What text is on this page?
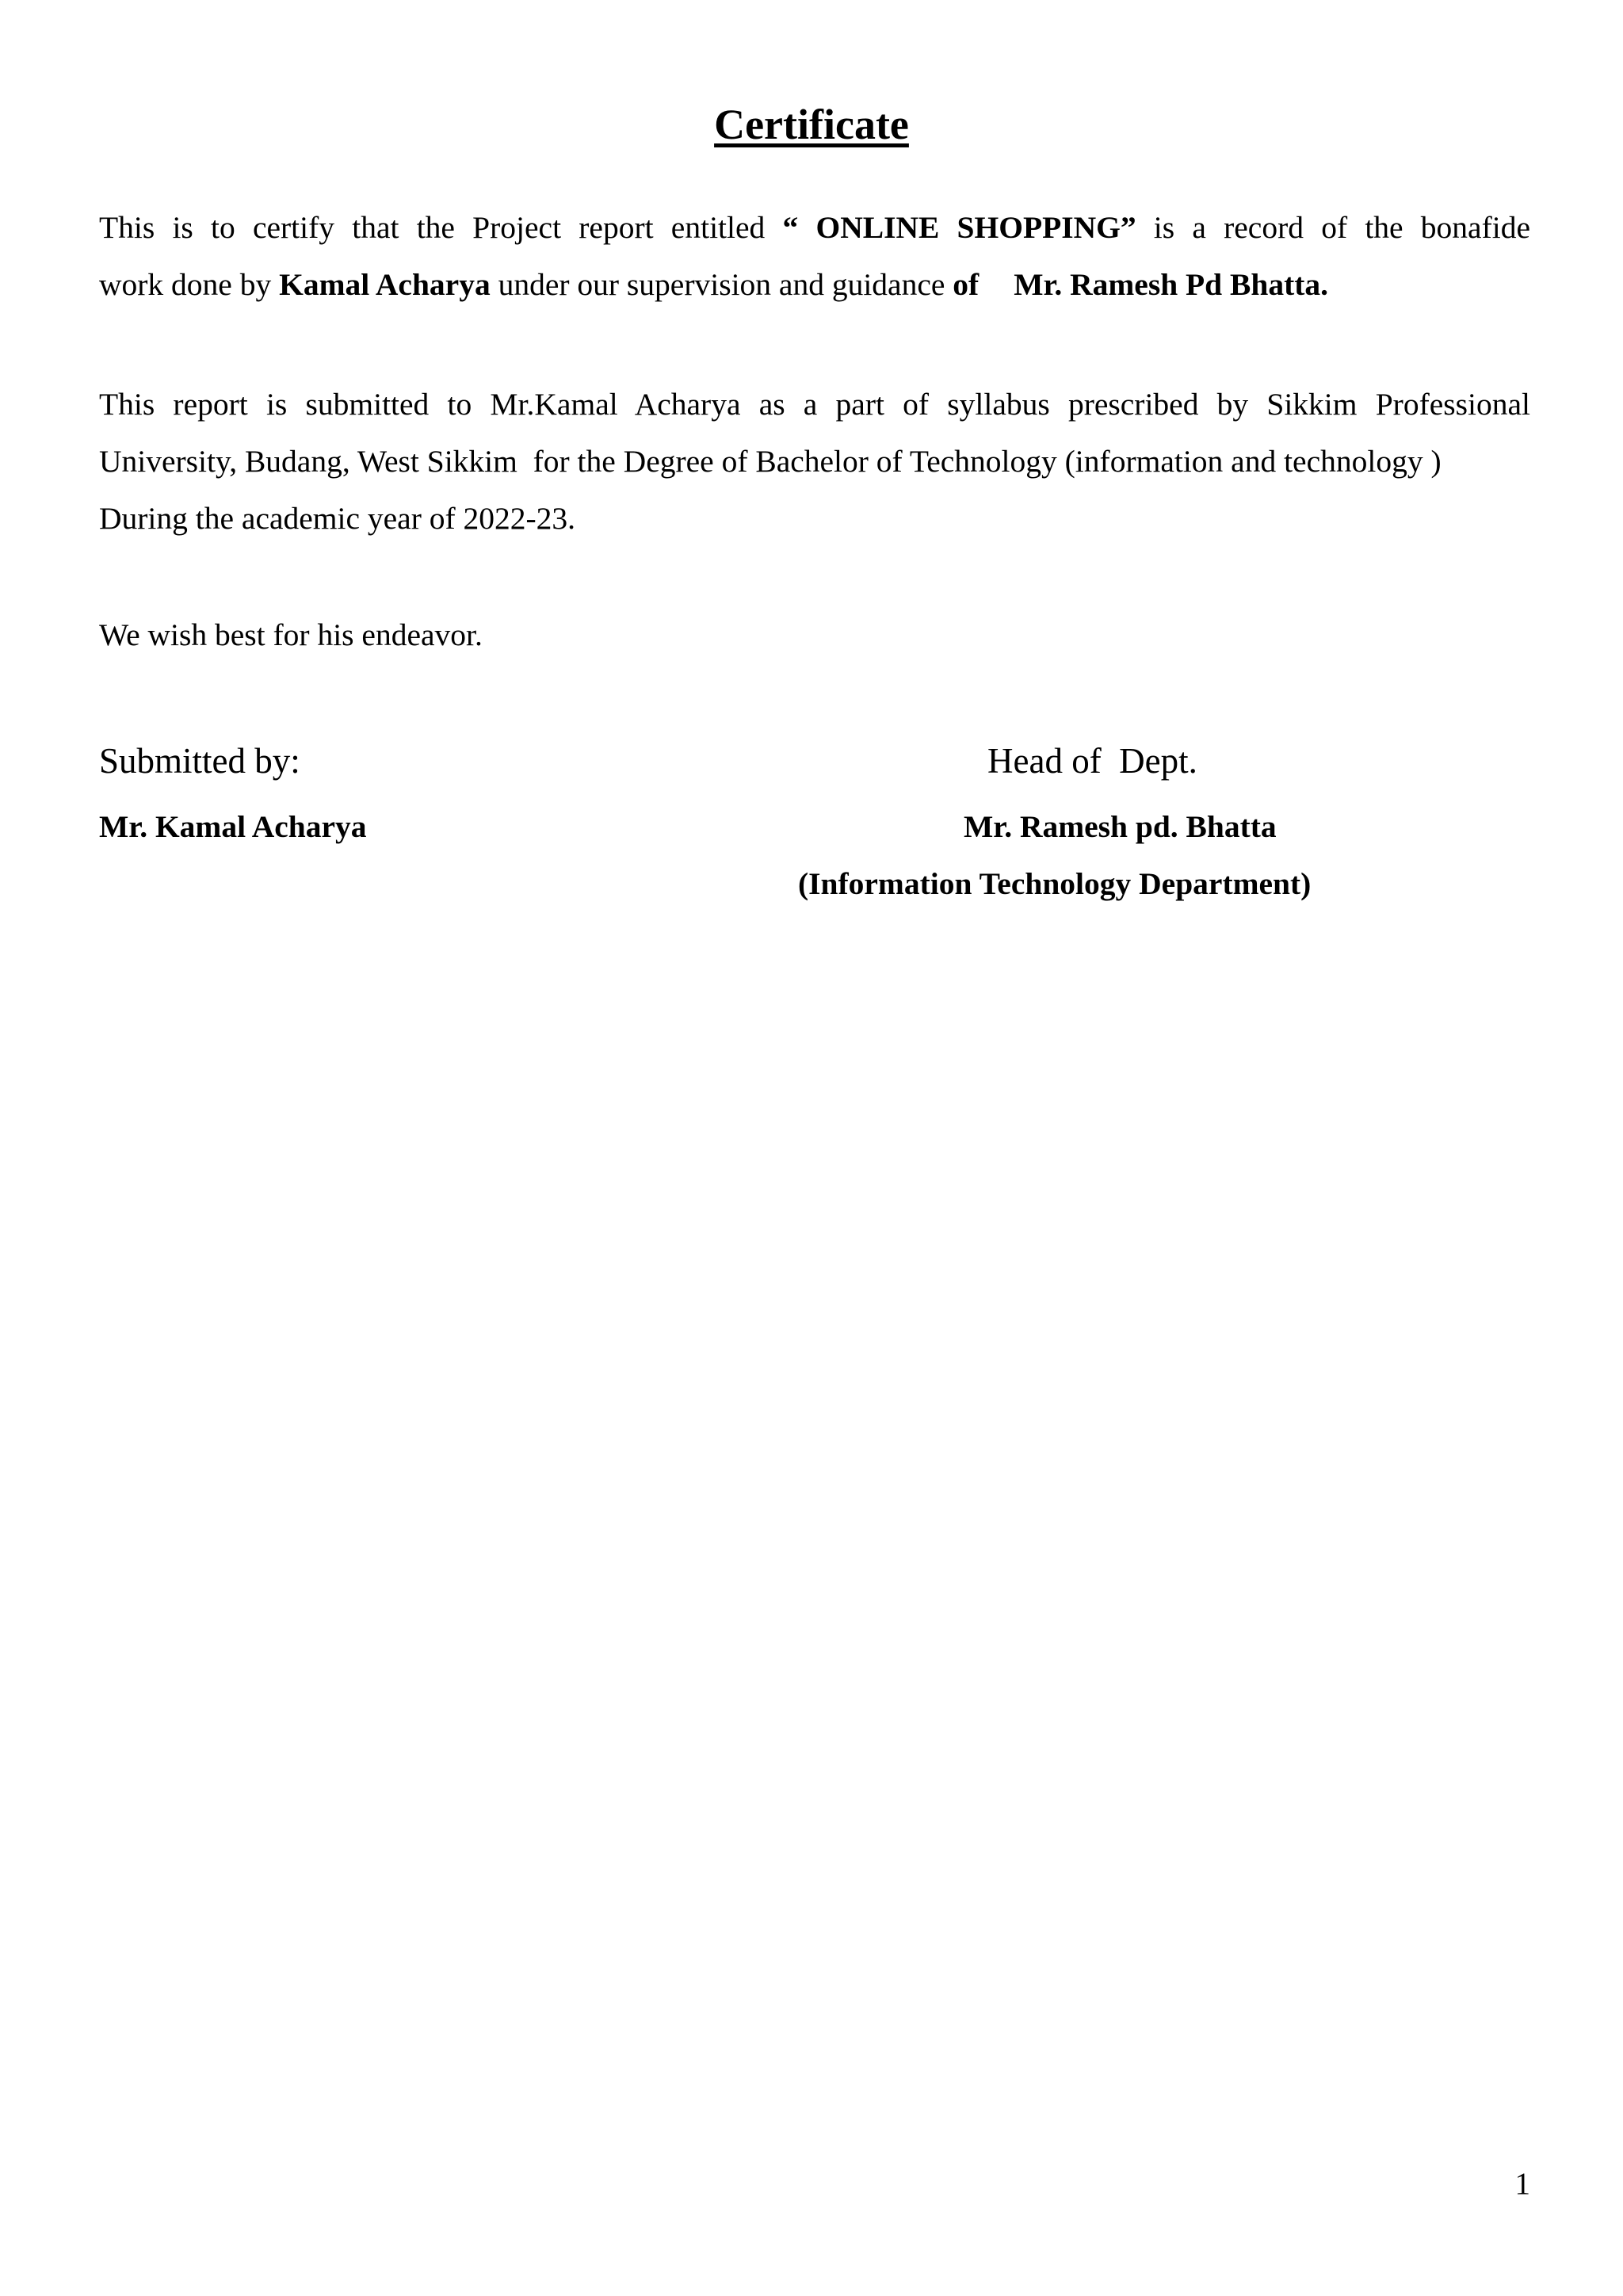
Certificate
This is to certify that the Project report entitled “ ONLINE SHOPPING” is a record of the bonafide
work done by Kamal Acharya under our supervision and guidance of Mr. Ramesh Pd Bhatta.
This report is submitted to Mr.Kamal Acharya as a part of syllabus prescribed by Sikkim Professional
University, Budang, West Sikkim  for the Degree of Bachelor of Technology (information and technology )
During the academic year of 2022-23.
We wish best for his endeavor.
Submitted by:
Mr. Kamal Acharya
Head of  Dept.
Mr. Ramesh pd. Bhatta
(Information Technology Department)
1
